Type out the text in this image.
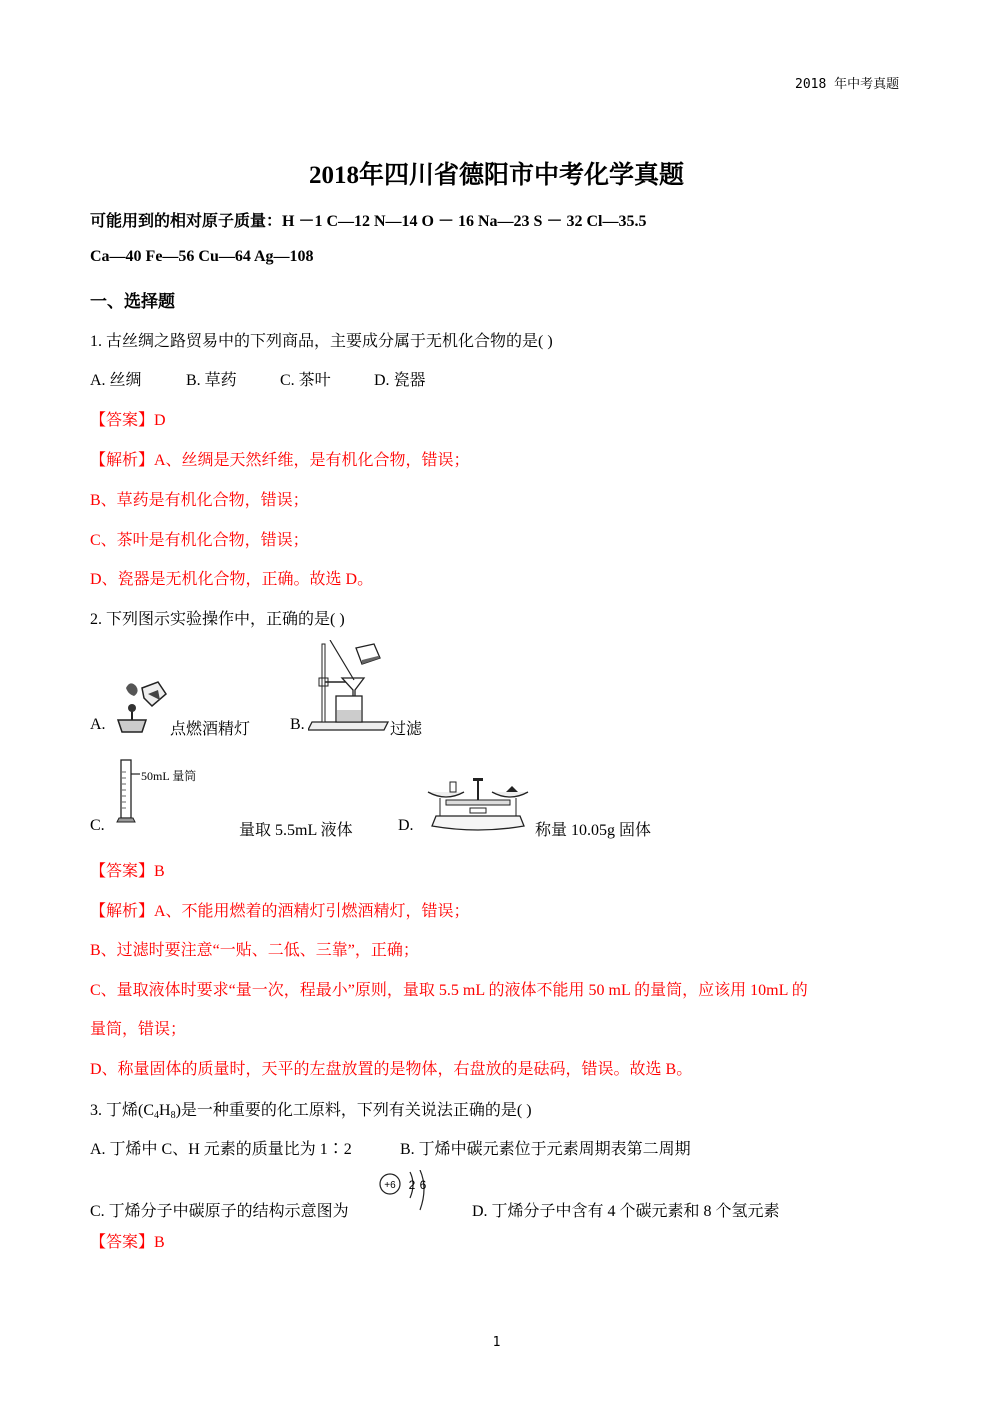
2018 年中考真题
2018年四川省德阳市中考化学真题
可能用到的相对原子质量：H －1 C—12 N—14 O － 16 Na—23 S － 32 Cl—35.5
Ca—40 Fe—56 Cu—64 Ag—108
一、选择题
1. 古丝绸之路贸易中的下列商品，主要成分属于无机化合物的是( )
A. 丝绸	B. 草药	C. 茶叶	D. 瓷器
【答案】D
【解析】A、丝绸是天然纤维，是有机化合物，错误；
B、草药是有机化合物，错误；
C、茶叶是有机化合物，错误；
D、瓷器是无机化合物，正确。故选 D。
2. 下列图示实验操作中，正确的是( )
A.	点燃酒精灯 B.	过滤
C.
50mL 量筒
量取 5.5mL 液体	D.	称量 10.05g 固体
【答案】B
【解析】A、不能用燃着的酒精灯引燃酒精灯，错误；
B、过滤时要注意“一贴、二低、三靠”，正确；
C、量取液体时要求“量一次，程最小”原则，量取 5.5 mL 的液体不能用 50 mL 的量筒，应该用 10mL 的
量筒，错误；
D、称量固体的质量时，天平的左盘放置的是物体，右盘放的是砝码，错误。故选 B。
3. 丁烯$(C_4H_8)$是一种重要的化工原料，下列有关说法正确的是( )
A. 丁烯中 C、H 元素的质量比为 1∶2	B. 丁烯中碳元素位于元素周期表第二周期
C. 丁烯分子中碳原子的结构示意图为
+6 2 6
D. 丁烯分子中含有 4 个碳元素和 8 个氢元素
【答案】B
1
